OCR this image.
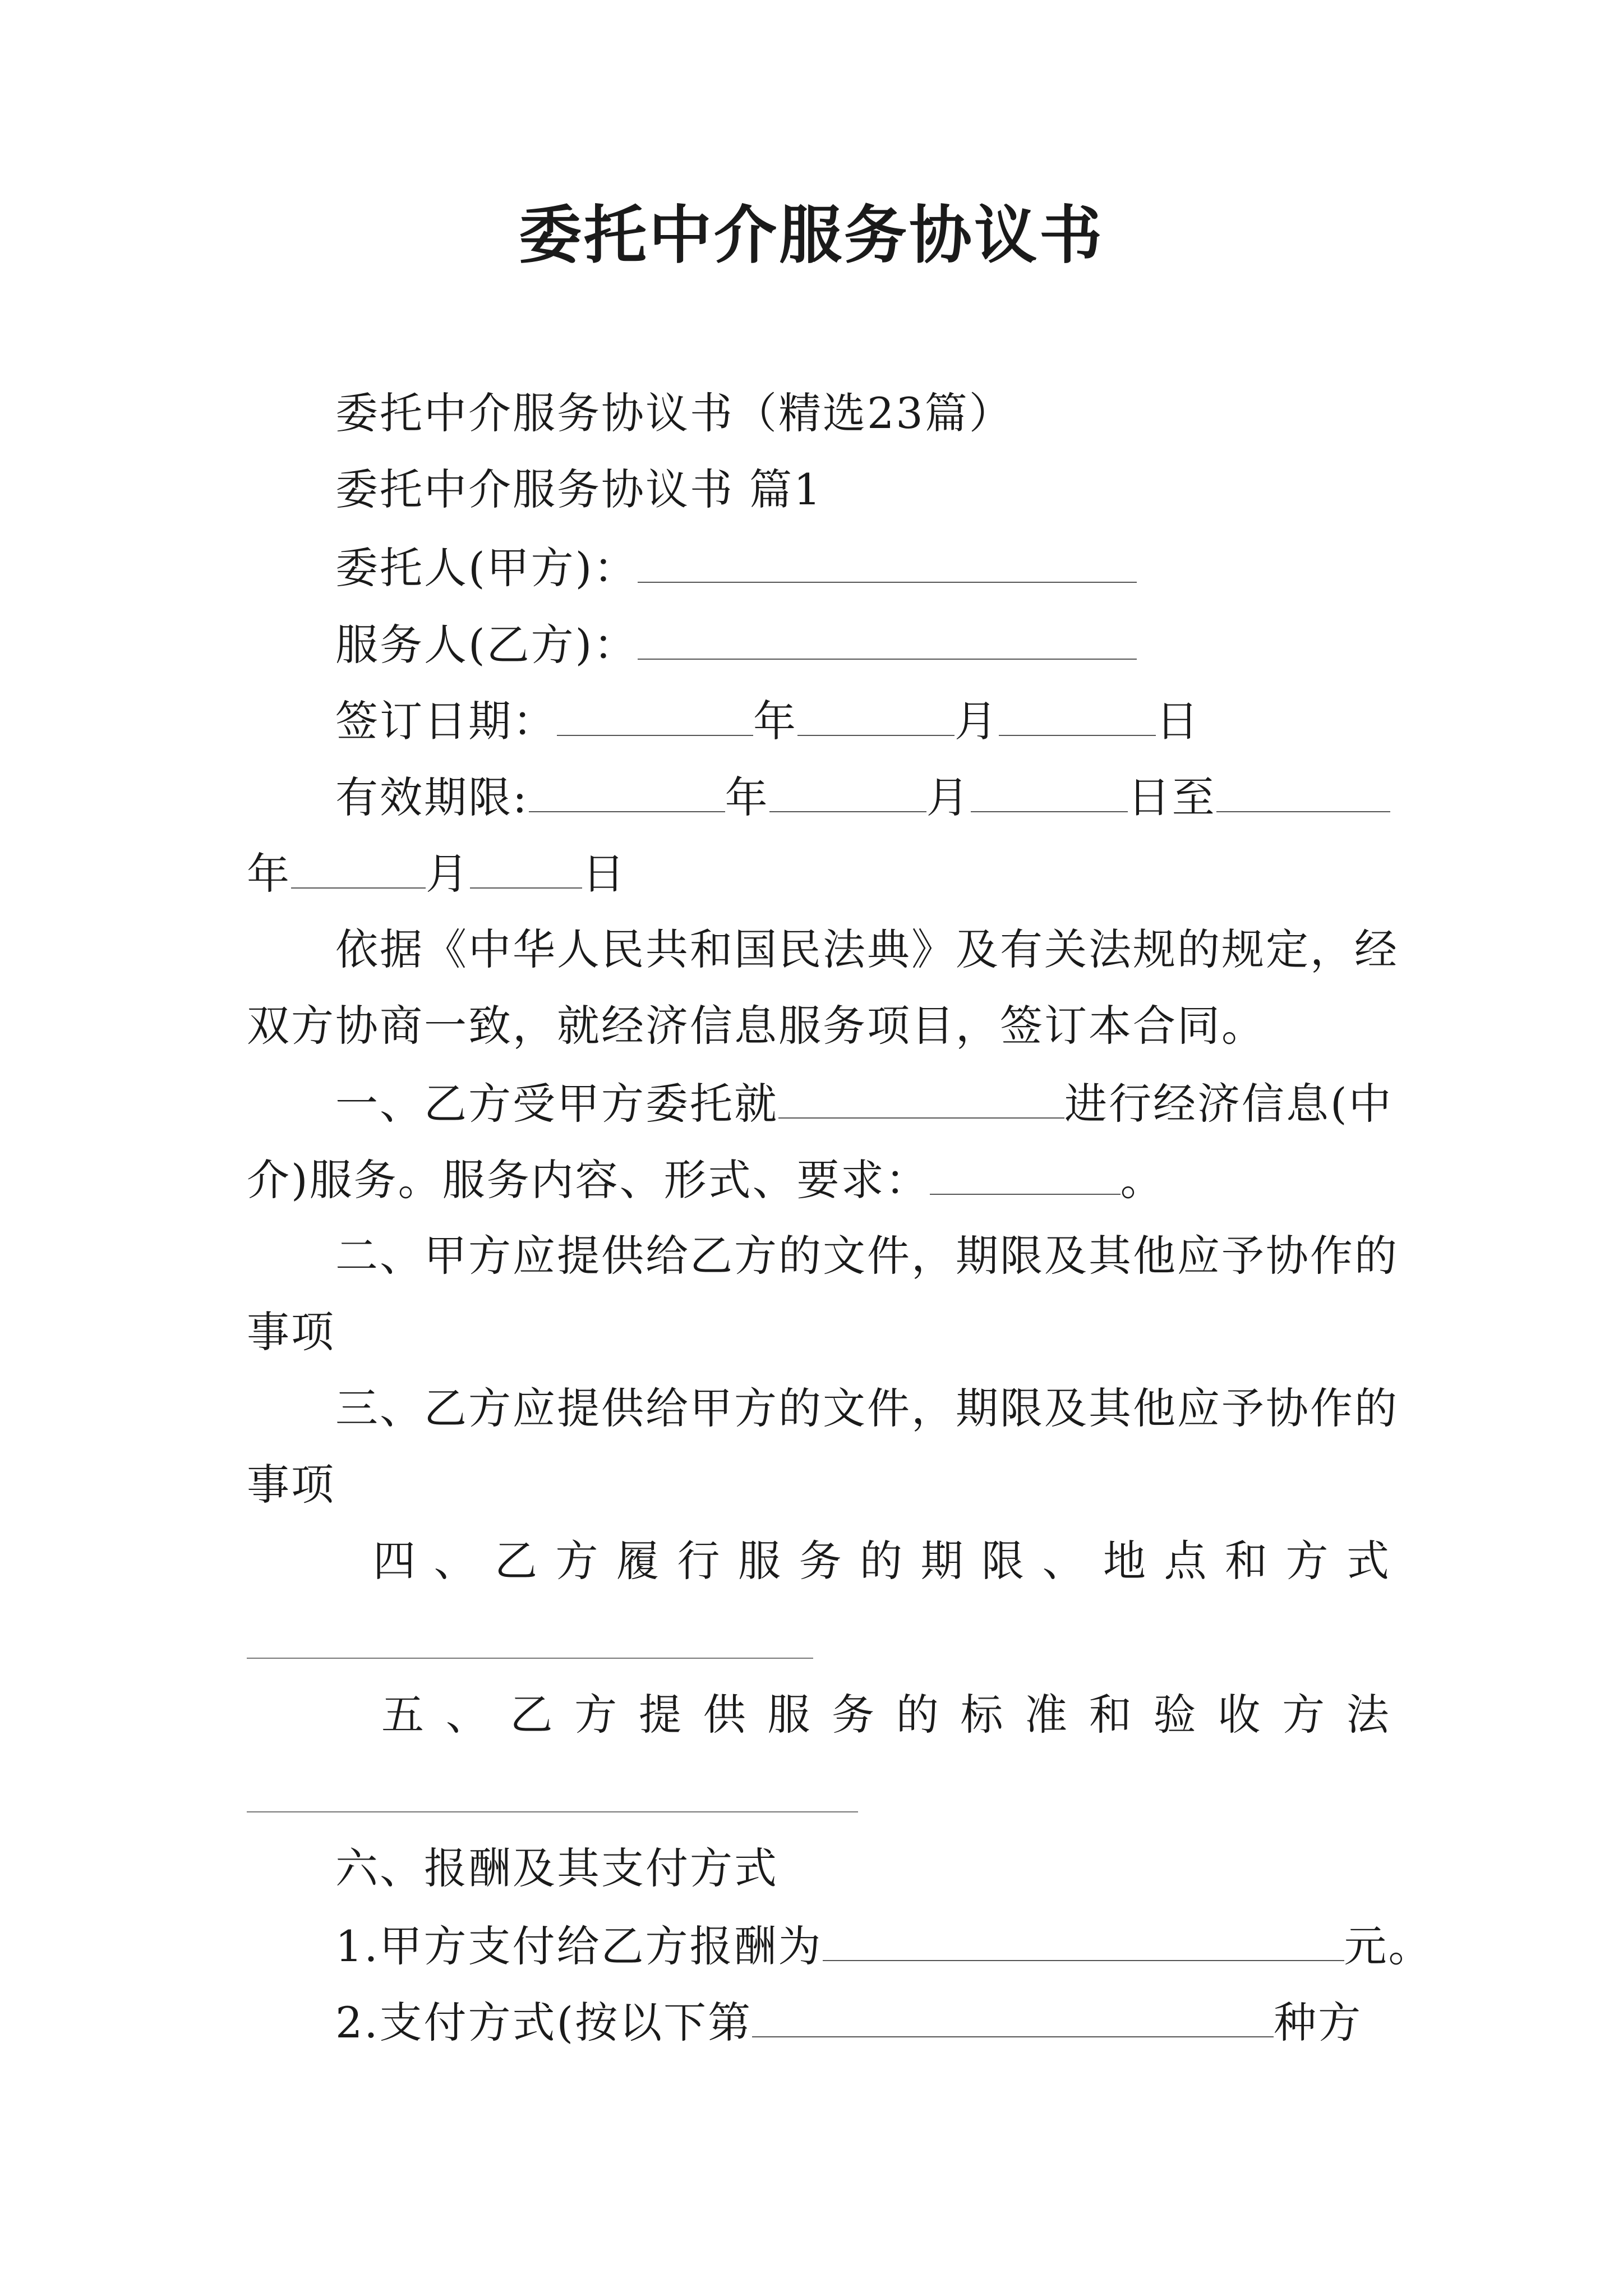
委托中介服务协议书
委托中介服务协议书（精选23篇）
委托中介服务协议书 篇1
委托人(甲方)：
服务人(乙方)：
签订日期：	年	月	日
有效期限:	年	月	日至
年	月	日
依据《中华人民共和国民法典》及有关法规的规定，经
双方协商一致，就经济信息服务项目，签订本合同。
一、乙方受甲方委托就	进行经济信息(中
介)服务。服务内容、形式、要求：	。
二、甲方应提供给乙方的文件，期限及其他应予协作的
事项
三、乙方应提供给甲方的文件，期限及其他应予协作的
事项
四 、 乙 方 履 行 服 务 的 期 限 、 地 点 和 方 式
五 、 乙 方 提 供 服 务 的 标 准 和 验 收 方 法
六、报酬及其支付方式
1.甲方支付给乙方报酬为	元。
2.支付方式(按以下第	种方
